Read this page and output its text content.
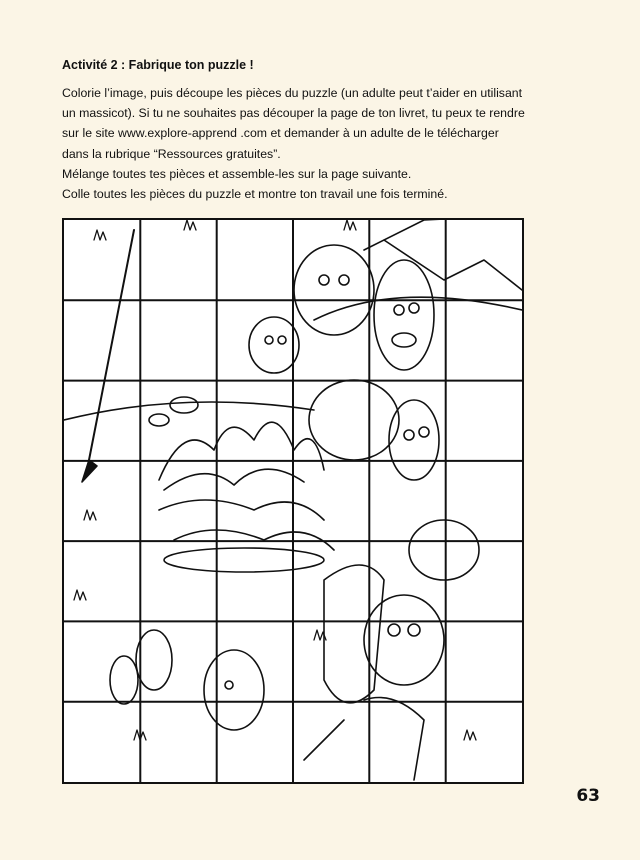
Activité 2 : Fabrique ton puzzle !

Colorie l’image, puis découpe les pièces du puzzle (un adulte peut t’aider en utilisant

un massicot). Si tu ne souhaites pas découper la page de ton livret, tu peux te rendre

sur le site www.explore-apprend .com et demander à un adulte de le télécharger

dans la rubrique “Ressources gratuites”.

Mélange toutes tes pièces et assemble-les sur la page suivante.

Colle toutes les pièces du puzzle et montre ton travail une fois terminé.

63
